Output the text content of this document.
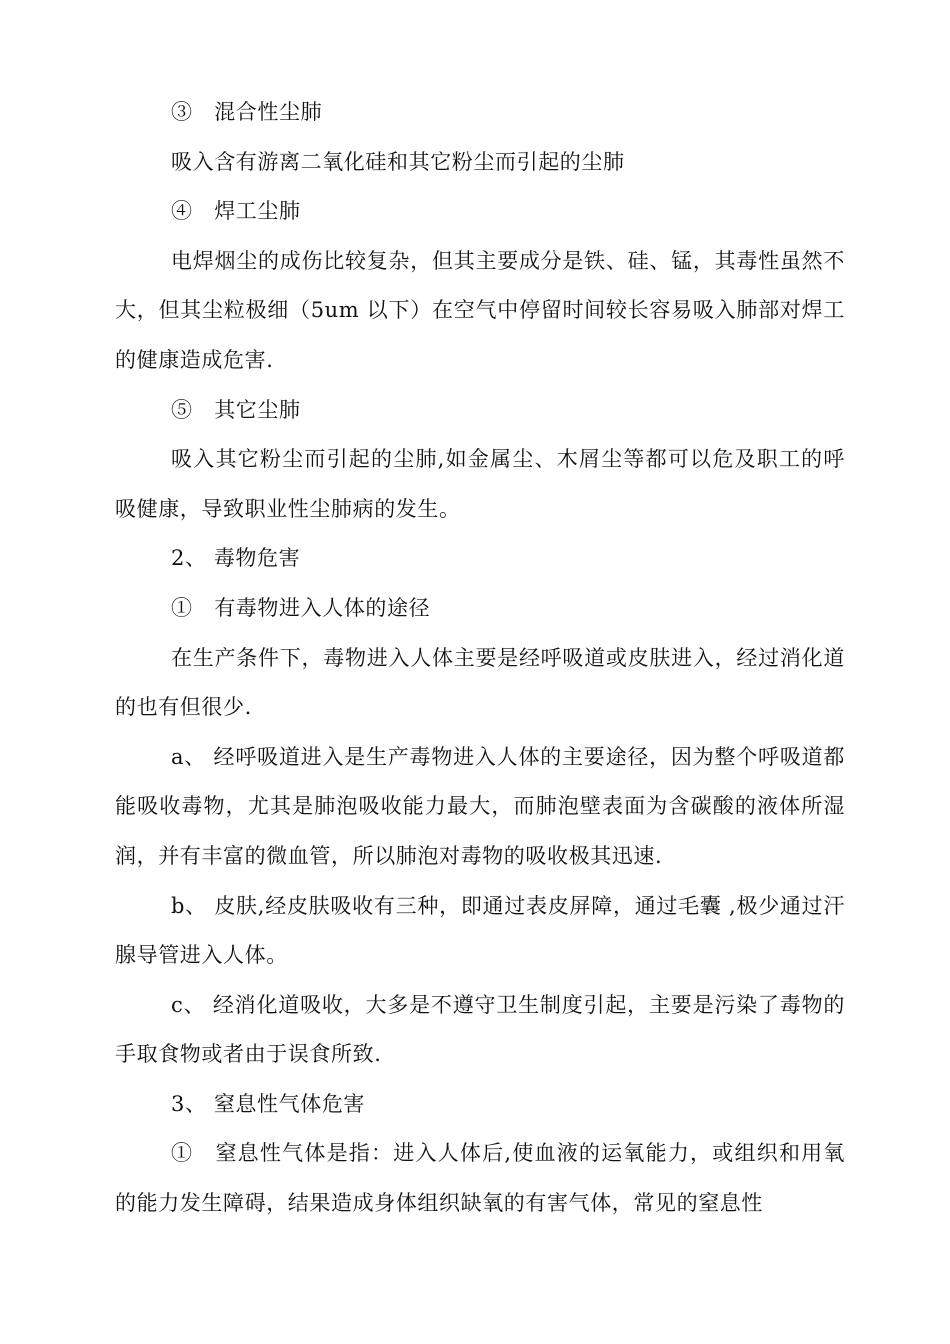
③　混合性尘肺

吸入含有游离二氧化硅和其它粉尘而引起的尘肺

④　焊工尘肺

电焊烟尘的成伤比较复杂，但其主要成分是铁、硅、锰，其毒性虽然不大，但其尘粒极细（5um 以下）在空气中停留时间较长容易吸入肺部对焊工的健康造成危害.

⑤　其它尘肺

吸入其它粉尘而引起的尘肺,如金属尘、木屑尘等都可以危及职工的呼吸健康，导致职业性尘肺病的发生。

2、 毒物危害

①　有毒物进入人体的途径

在生产条件下，毒物进入人体主要是经呼吸道或皮肤进入，经过消化道的也有但很少.

a、 经呼吸道进入是生产毒物进入人体的主要途径，因为整个呼吸道都能吸收毒物，尤其是肺泡吸收能力最大，而肺泡壁表面为含碳酸的液体所湿润，并有丰富的微血管，所以肺泡对毒物的吸收极其迅速.

b、 皮肤,经皮肤吸收有三种，即通过表皮屏障，通过毛囊 ,极少通过汗腺导管进入人体。

c、 经消化道吸收，大多是不遵守卫生制度引起，主要是污染了毒物的手取食物或者由于误食所致.

3、 窒息性气体危害

①　窒息性气体是指：进入人体后,使血液的运氧能力，或组织和用氧的能力发生障碍，结果造成身体组织缺氧的有害气体，常见的窒息性
